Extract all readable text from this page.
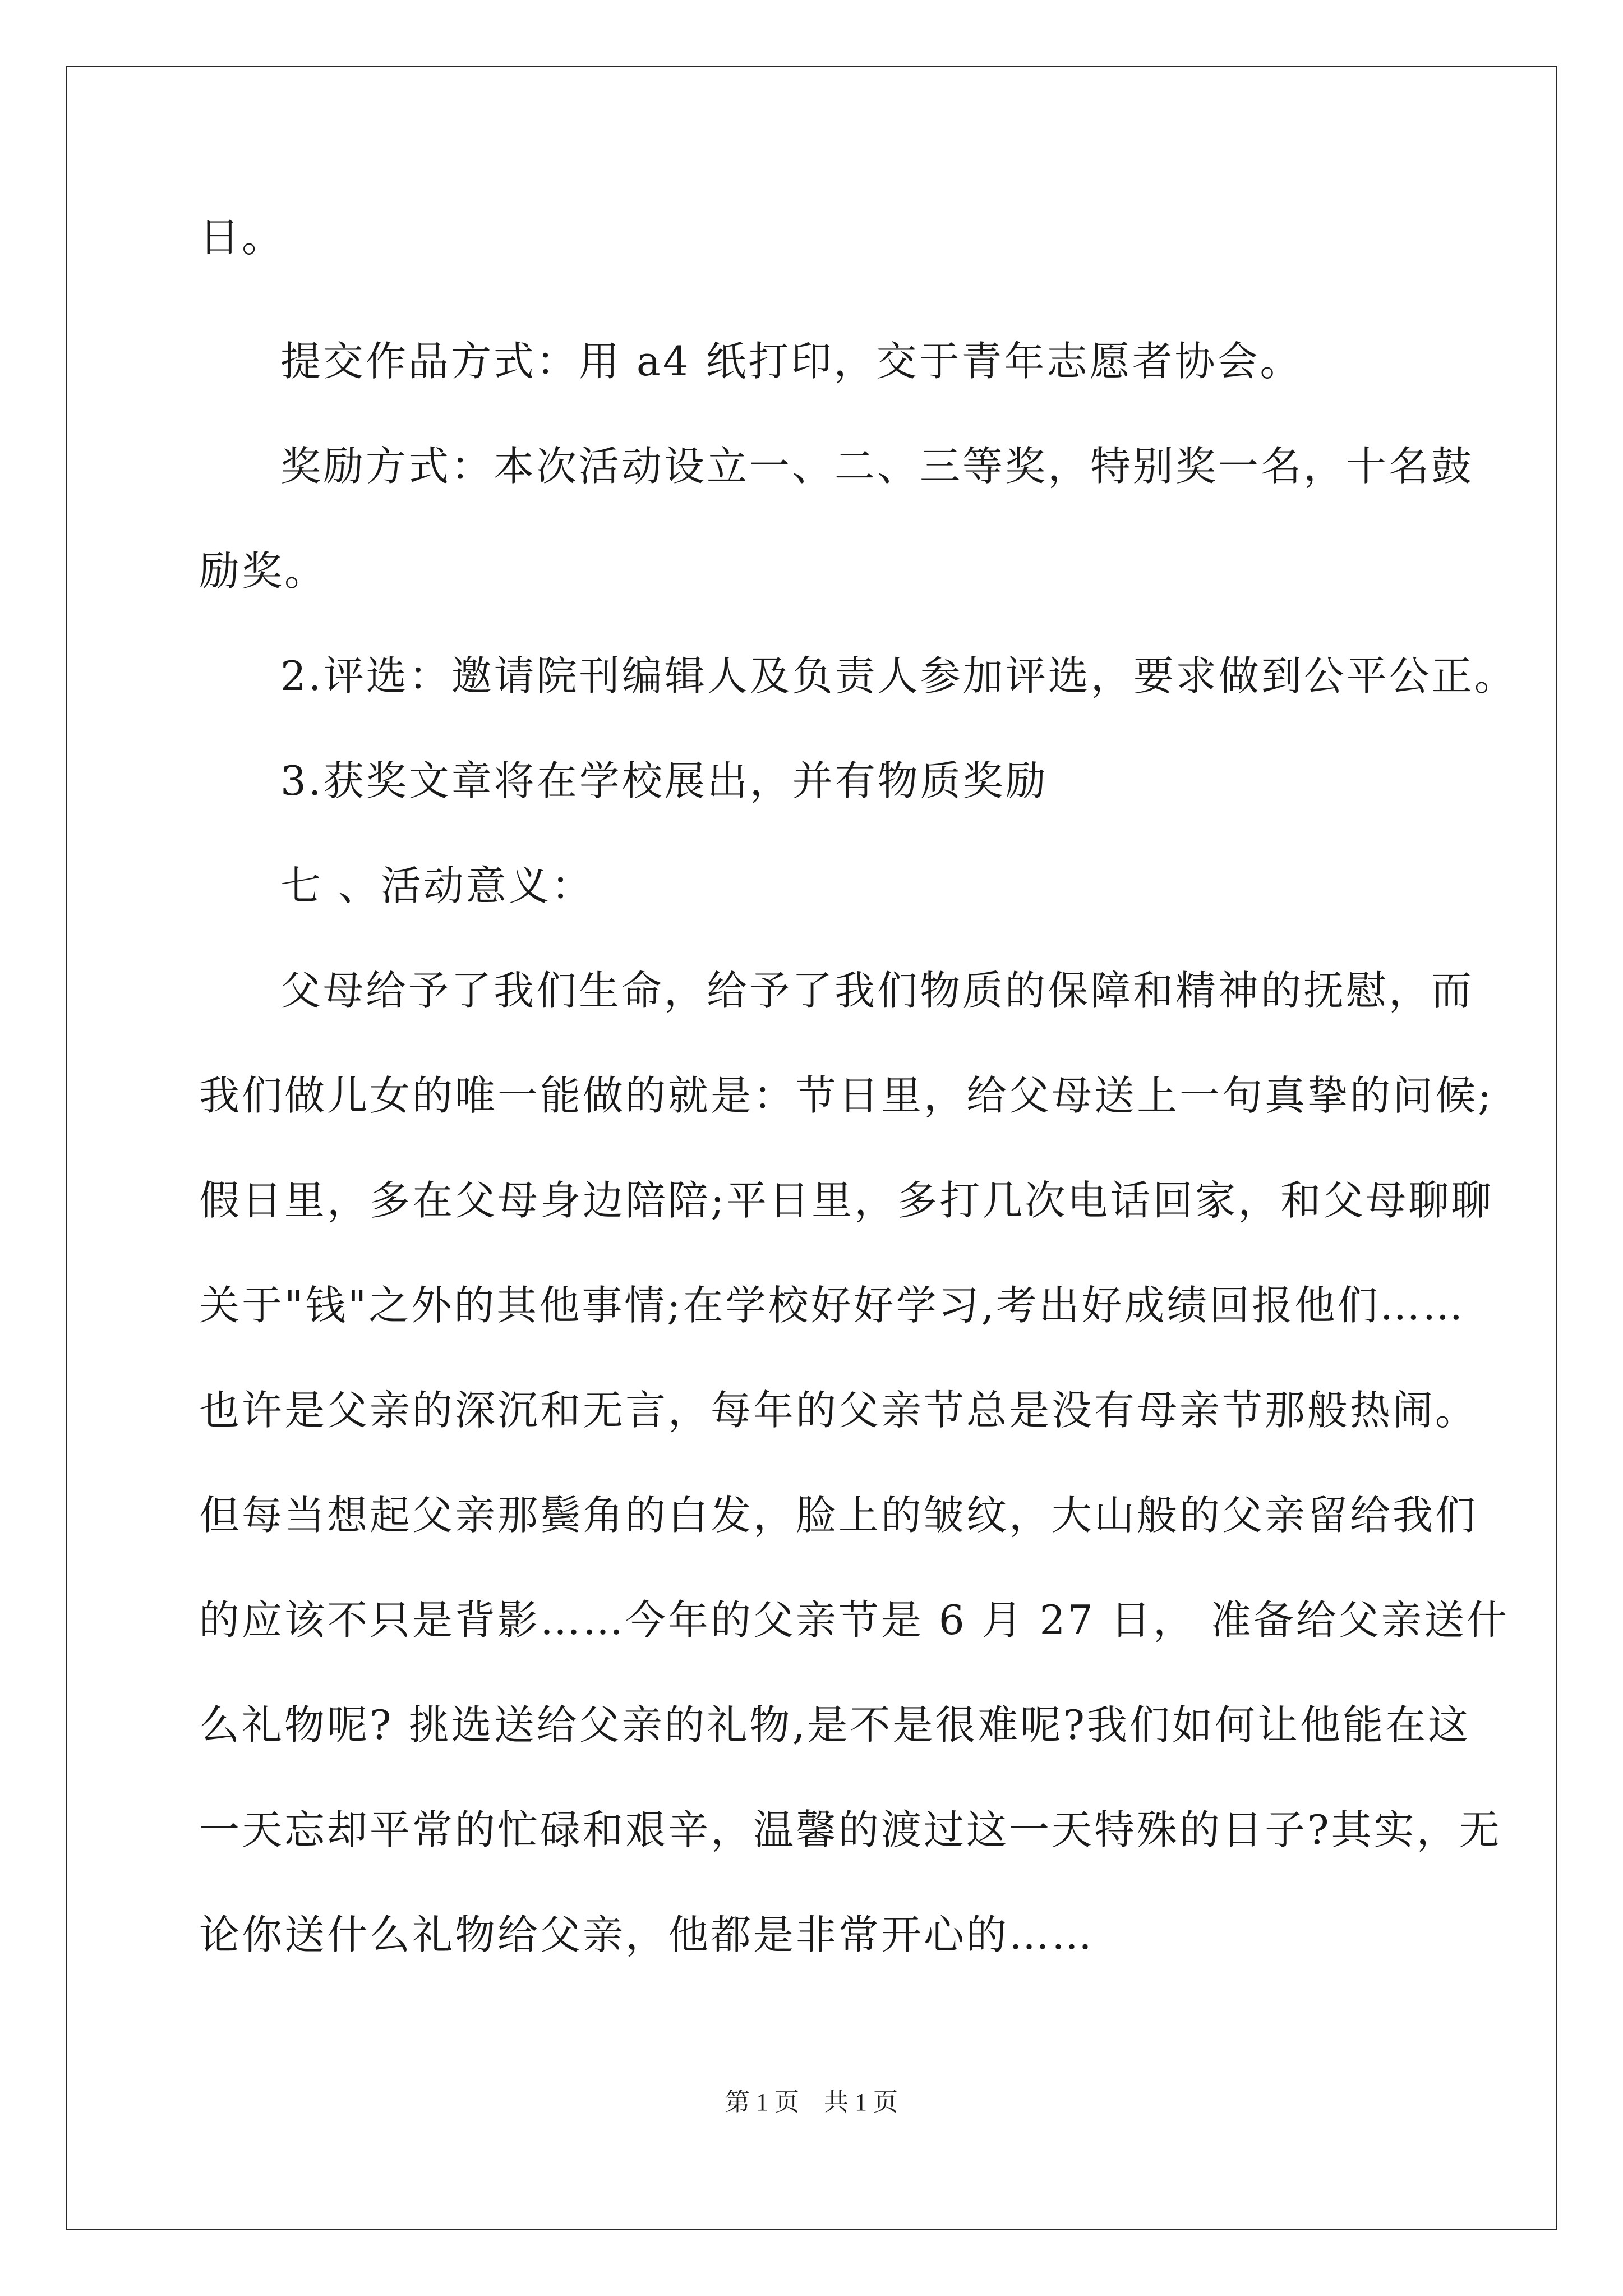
日。
提交作品方式：用 a4 纸打印，交于青年志愿者协会。
奖励方式：本次活动设立一、二、三等奖，特别奖一名，十名鼓
励奖。
2.评选：邀请院刊编辑人及负责人参加评选，要求做到公平公正。
3.获奖文章将在学校展出，并有物质奖励
七 、活动意义：
父母给予了我们生命，给予了我们物质的保障和精神的抚慰，而
我们做儿女的唯一能做的就是：节日里，给父母送上一句真挚的问候;
假日里，多在父母身边陪陪;平日里，多打几次电话回家，和父母聊聊
关于"钱"之外的其他事情;在学校好好学习,考出好成绩回报他们……
也许是父亲的深沉和无言，每年的父亲节总是没有母亲节那般热闹。
但每当想起父亲那鬓角的白发，脸上的皱纹，大山般的父亲留给我们
的应该不只是背影……今年的父亲节是 6 月 27 日， 准备给父亲送什
么礼物呢? 挑选送给父亲的礼物,是不是很难呢?我们如何让他能在这
一天忘却平常的忙碌和艰辛，温馨的渡过这一天特殊的日子?其实，无
论你送什么礼物给父亲，他都是非常开心的……
第 1 页 共 1 页
